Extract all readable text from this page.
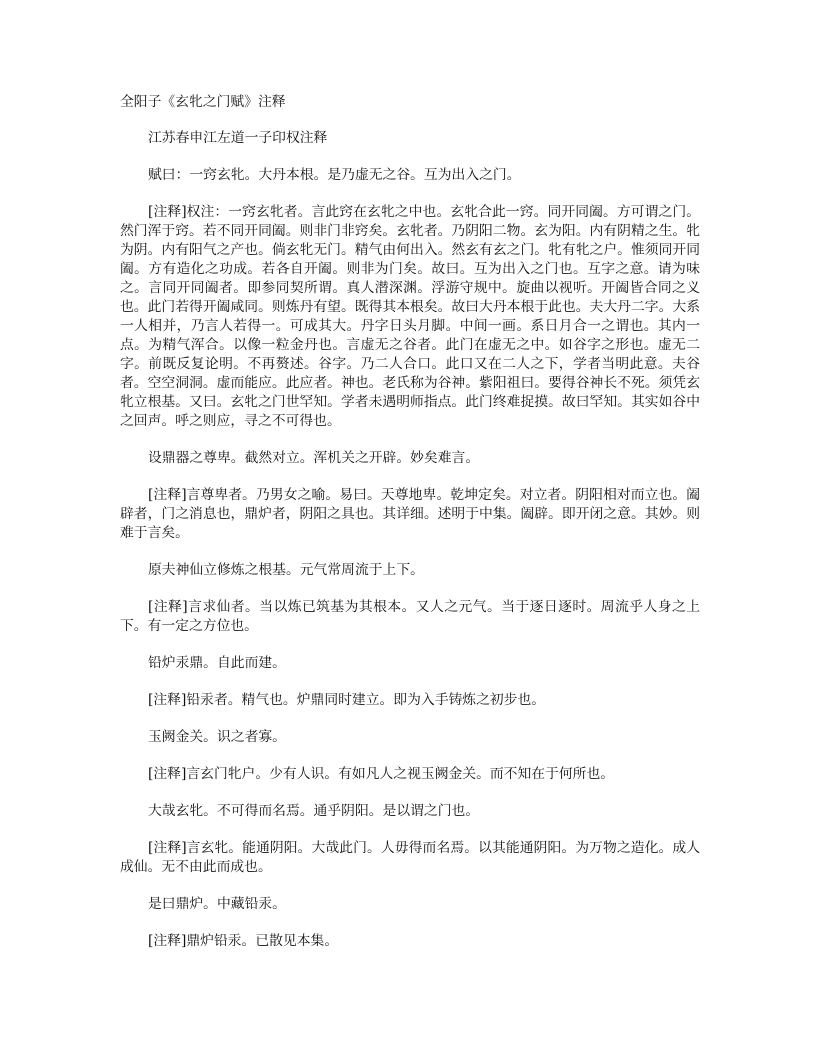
全阳子《玄牝之门赋》注释
江苏春申江左道一子印权注释
赋曰：一窍玄牝。大丹本根。是乃虚无之谷。互为出入之门。
[注释]权注：一窍玄牝者。言此窍在玄牝之中也。玄牝合此一窍。同开同阖。方可谓之门。然门浑于窍。若不同开同阖。则非门非窍矣。玄牝者。乃阴阳二物。玄为阳。内有阴精之生。牝为阴。内有阳气之产也。倘玄牝无门。精气由何出入。然玄有玄之门。牝有牝之户。惟须同开同阖。方有造化之功成。若各自开阖。则非为门矣。故曰。互为出入之门也。互字之意。请为味之。言同开同阖者。即参同契所谓。真人潜深渊。浮游守规中。旋曲以视听。开阖皆合同之义也。此门若得开阖咸同。则炼丹有望。既得其本根矣。故曰大丹本根于此也。夫大丹二字。大系一人相并，乃言人若得一。可成其大。丹字日头月脚。中间一画。系日月合一之谓也。其内一点。为精气浑合。以像一粒金丹也。言虚无之谷者。此门在虚无之中。如谷字之形也。虚无二字。前既反复论明。不再赘述。谷字。乃二人合口。此口又在二人之下，学者当明此意。夫谷者。空空洞洞。虚而能应。此应者。神也。老氏称为谷神。紫阳祖曰。要得谷神长不死。须凭玄牝立根基。又曰。玄牝之门世罕知。学者未遇明师指点。此门终难捉摸。故曰罕知。其实如谷中之回声。呼之则应，寻之不可得也。
设鼎器之尊卑。截然对立。浑机关之开辟。妙矣难言。
[注释]言尊卑者。乃男女之喻。易曰。天尊地卑。乾坤定矣。对立者。阴阳相对而立也。阖辟者，门之消息也，鼎炉者，阴阳之具也。其详细。述明于中集。阖辟。即开闭之意。其妙。则难于言矣。
原夫神仙立修炼之根基。元气常周流于上下。
[注释]言求仙者。当以炼已筑基为其根本。又人之元气。当于逐日逐时。周流乎人身之上下。有一定之方位也。
铅炉汞鼎。自此而建。
[注释]铅汞者。精气也。炉鼎同时建立。即为入手铸炼之初步也。
玉阙金关。识之者寡。
[注释]言玄门牝户。少有人识。有如凡人之视玉阙金关。而不知在于何所也。
大哉玄牝。不可得而名焉。通乎阴阳。是以谓之门也。
[注释]言玄牝。能通阴阳。大哉此门。人毋得而名焉。以其能通阴阳。为万物之造化。成人成仙。无不由此而成也。
是曰鼎炉。中藏铅汞。
[注释]鼎炉铅汞。已散见本集。
